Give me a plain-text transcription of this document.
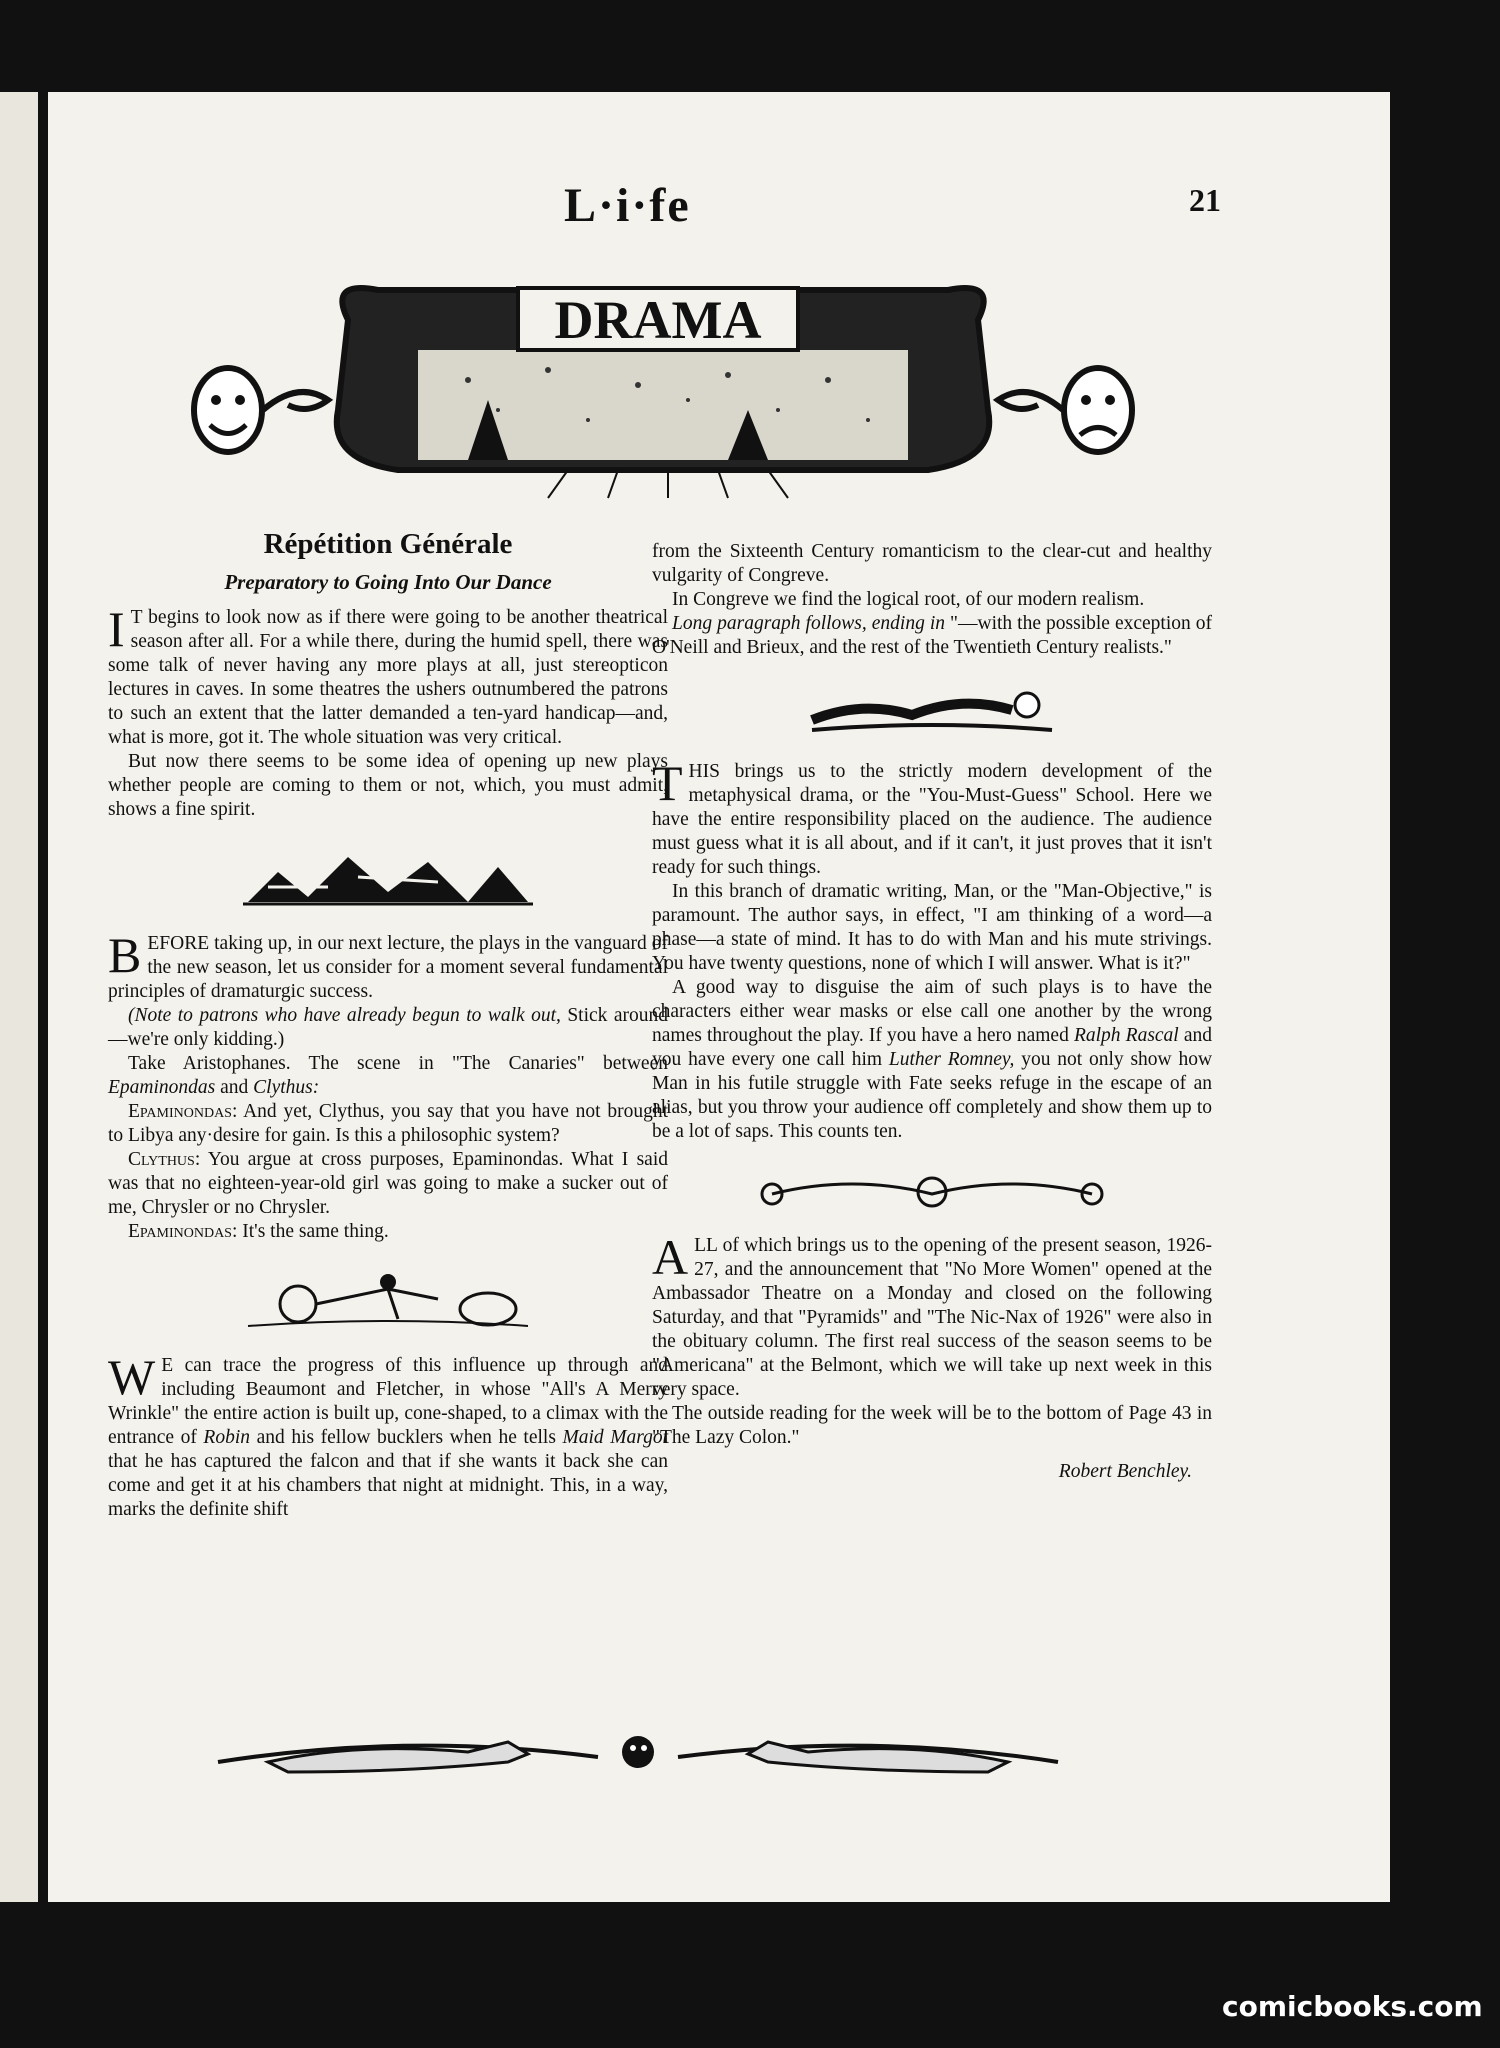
L·i·fe	21
DRAMA
Répétition Générale
Preparatory to Going Into Our Dance

I T begins to look now as if there were going to be another theatrical season after all. For a while there, during the humid spell, there was some talk of never having any more plays at all, just stereopticon lectures in caves. In some theatres the ushers outnumbered the patrons to such an extent that the latter demanded a ten-yard handicap—and, what is more, got it. The whole situation was very critical.

But now there seems to be some idea of opening up new plays whether people are coming to them or not, which, you must admit, shows a fine spirit.

BEFORE taking up, in our next lecture, the plays in the vanguard of the new season, let us consider for a moment several fundamental principles of dramaturgic success.

(Note to patrons who have already begun to walk out, Stick around—we're only kidding.)

Take Aristophanes. The scene in "The Canaries" between Epaminondas and Clythus:

Epaminondas: And yet, Clythus, you say that you have not brought to Libya any·desire for gain. Is this a philosophic system?

Clythus: You argue at cross purposes, Epaminondas. What I said was that no eighteen-year-old girl was going to make a sucker out of me, Chrysler or no Chrysler.

Epaminondas: It's the same thing.

W E can trace the progress of this influence up through and including Beaumont and Fletcher, in whose "All's A Merry Wrinkle" the entire action is built up, cone-shaped, to a climax with the entrance of Robin and his fellow bucklers when he tells Maid Margot that he has captured the falcon and that if she wants it back she can come and get it at his chambers that night at midnight. This, in a way, marks the definite shift

from the Sixteenth Century romanticism to the clear-cut and healthy vulgarity of Congreve.

In Congreve we find the logical root, of our modern realism.

Long paragraph follows, ending in "—with the possible exception of O'Neill and Brieux, and the rest of the Twentieth Century realists."

THIS brings us to the strictly modern development of the metaphysical drama, or the "You-Must-Guess" School. Here we have the entire responsibility placed on the audience. The audience must guess what it is all about, and if it can't, it just proves that it isn't ready for such things.

In this branch of dramatic writing, Man, or the "Man-Objective," is paramount. The author says, in effect, "I am thinking of a word—a phase—a state of mind. It has to do with Man and his mute strivings. You have twenty questions, none of which I will answer. What is it?"

A good way to disguise the aim of such plays is to have the characters either wear masks or else call one another by the wrong names throughout the play. If you have a hero named Ralph Rascal and you have every one call him Luther Romney, you not only show how Man in his futile struggle with Fate seeks refuge in the escape of an alias, but you throw your audience off completely and show them up to be a lot of saps. This counts ten.

ALL of which brings us to the opening of the present season, 1926-27, and the announcement that "No More Women" opened at the Ambassador Theatre on a Monday and closed on the following Saturday, and that "Pyramids" and "The Nic-Nax of 1926" were also in the obituary column. The first real success of the season seems to be "Americana" at the Belmont, which we will take up next week in this very space.

The outside reading for the week will be to the bottom of Page 43 in "The Lazy Colon."

Robert Benchley.

comicbooks.com
